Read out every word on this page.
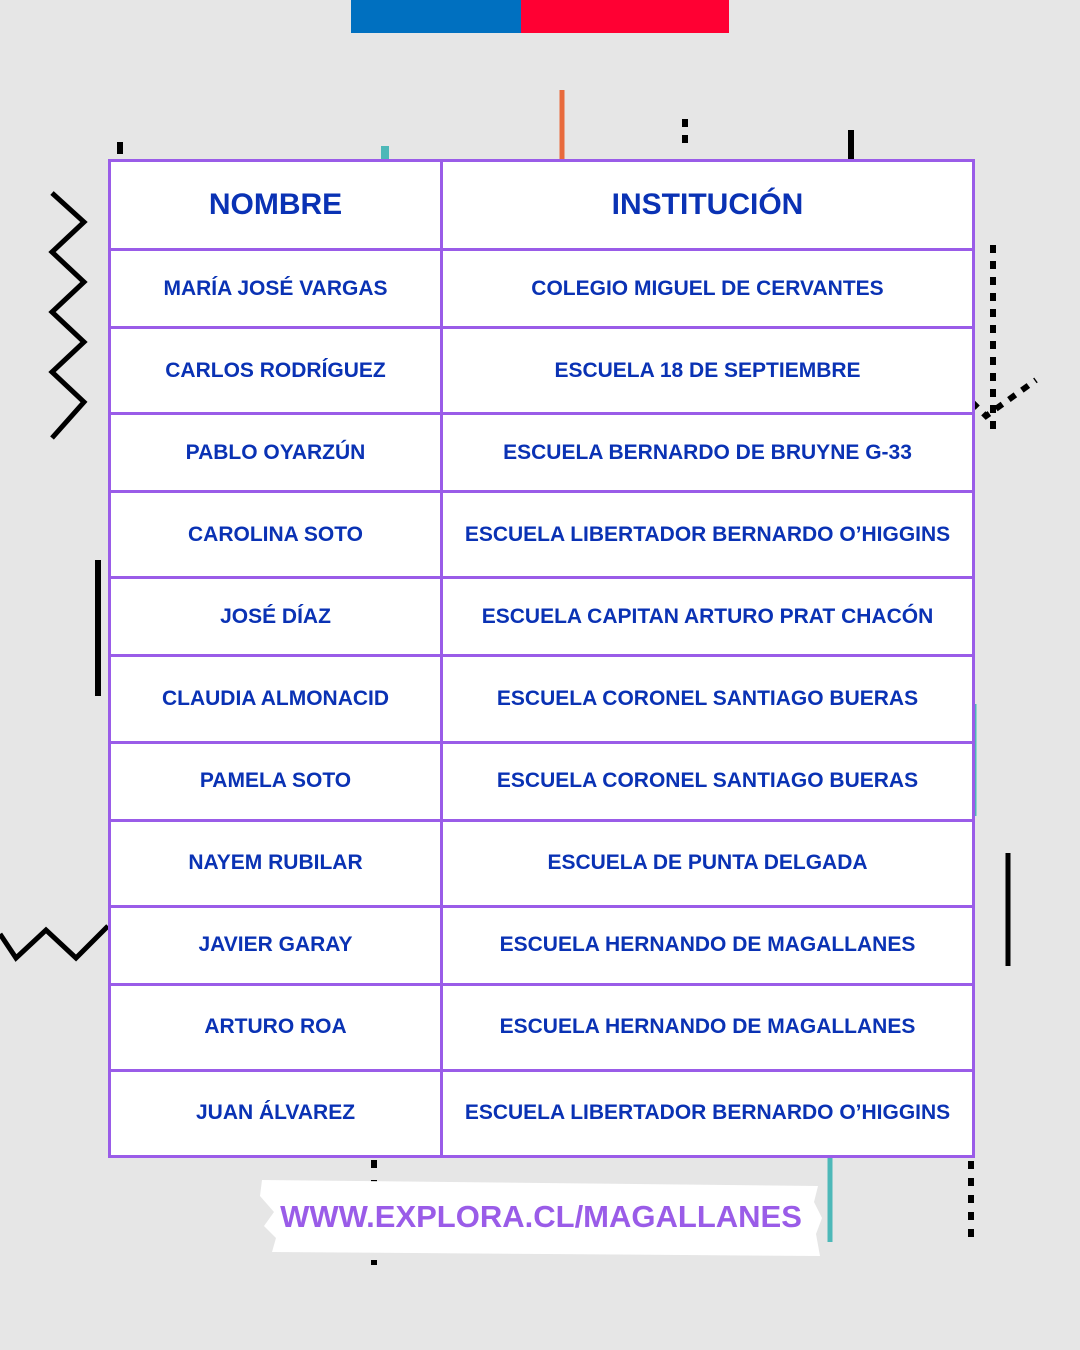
NOMBRE	INSTITUCIÓN
MARÍA JOSÉ VARGAS	COLEGIO MIGUEL DE CERVANTES
CARLOS RODRÍGUEZ	ESCUELA 18 DE SEPTIEMBRE
PABLO OYARZÚN	ESCUELA BERNARDO DE BRUYNE G-33
CAROLINA SOTO	ESCUELA LIBERTADOR BERNARDO O’HIGGINS
JOSÉ DÍAZ	ESCUELA CAPITAN ARTURO PRAT CHACÓN
CLAUDIA ALMONACID	ESCUELA CORONEL SANTIAGO BUERAS
PAMELA SOTO	ESCUELA CORONEL SANTIAGO BUERAS
NAYEM RUBILAR	ESCUELA DE PUNTA DELGADA
JAVIER GARAY	ESCUELA HERNANDO DE MAGALLANES
ARTURO ROA	ESCUELA HERNANDO DE MAGALLANES
JUAN ÁLVAREZ	ESCUELA LIBERTADOR BERNARDO O’HIGGINS
WWW.EXPLORA.CL/MAGALLANES
